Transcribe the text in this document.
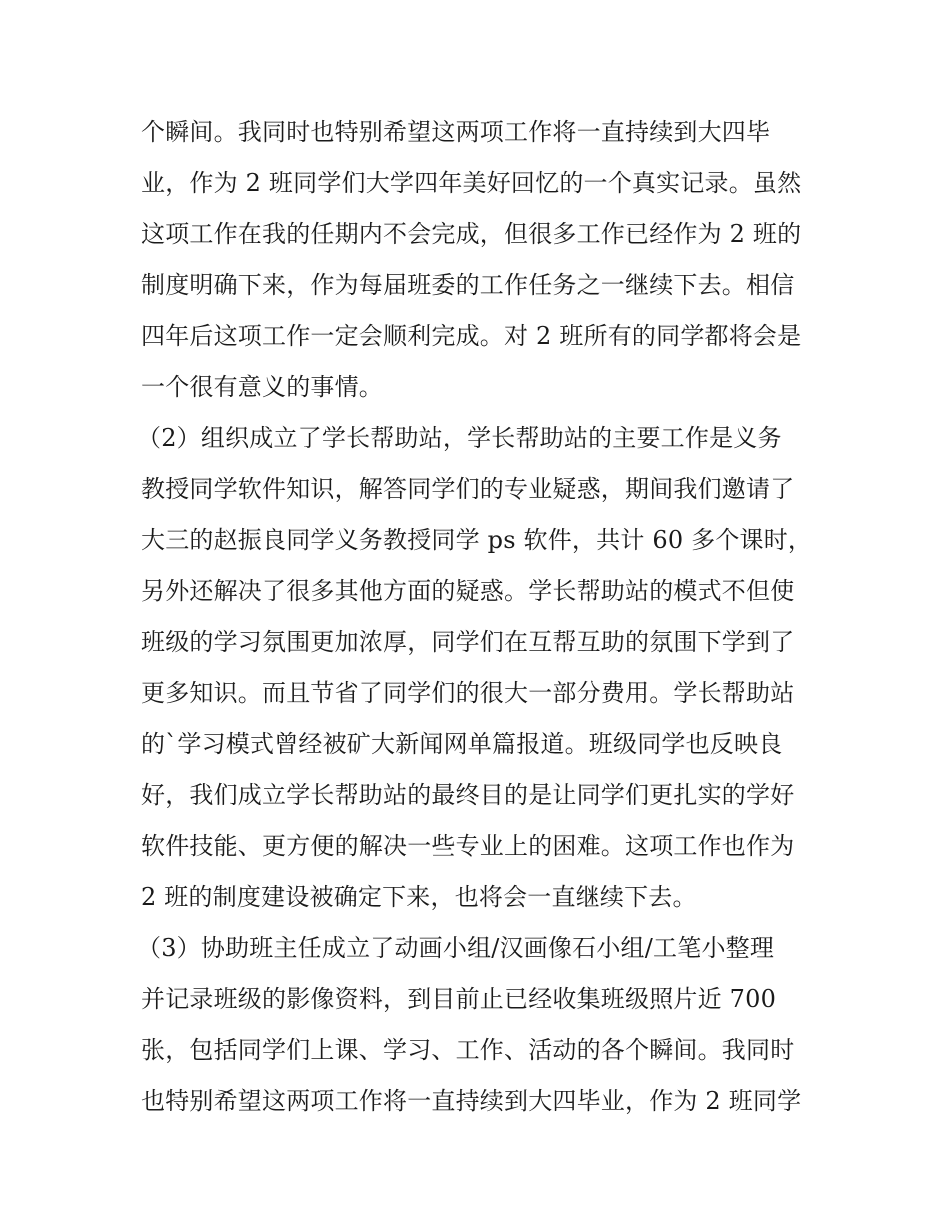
个瞬间。我同时也特别希望这两项工作将一直持续到大四毕
业，作为 2 班同学们大学四年美好回忆的一个真实记录。虽然
这项工作在我的任期内不会完成，但很多工作已经作为 2 班的
制度明确下来，作为每届班委的工作任务之一继续下去。相信
四年后这项工作一定会顺利完成。对 2 班所有的同学都将会是
一个很有意义的事情。
（2）组织成立了学长帮助站，学长帮助站的主要工作是义务
教授同学软件知识，解答同学们的专业疑惑，期间我们邀请了
大三的赵振良同学义务教授同学 ps 软件，共计 60 多个课时，
另外还解决了很多其他方面的疑惑。学长帮助站的模式不但使
班级的学习氛围更加浓厚，同学们在互帮互助的氛围下学到了
更多知识。而且节省了同学们的很大一部分费用。学长帮助站
的`学习模式曾经被矿大新闻网单篇报道。班级同学也反映良
好，我们成立学长帮助站的最终目的是让同学们更扎实的学好
软件技能、更方便的解决一些专业上的困难。这项工作也作为
2 班的制度建设被确定下来，也将会一直继续下去。
（3）协助班主任成立了动画小组/汉画像石小组/工笔小整理
并记录班级的影像资料，到目前止已经收集班级照片近 700
张，包括同学们上课、学习、工作、活动的各个瞬间。我同时
也特别希望这两项工作将一直持续到大四毕业，作为 2 班同学
